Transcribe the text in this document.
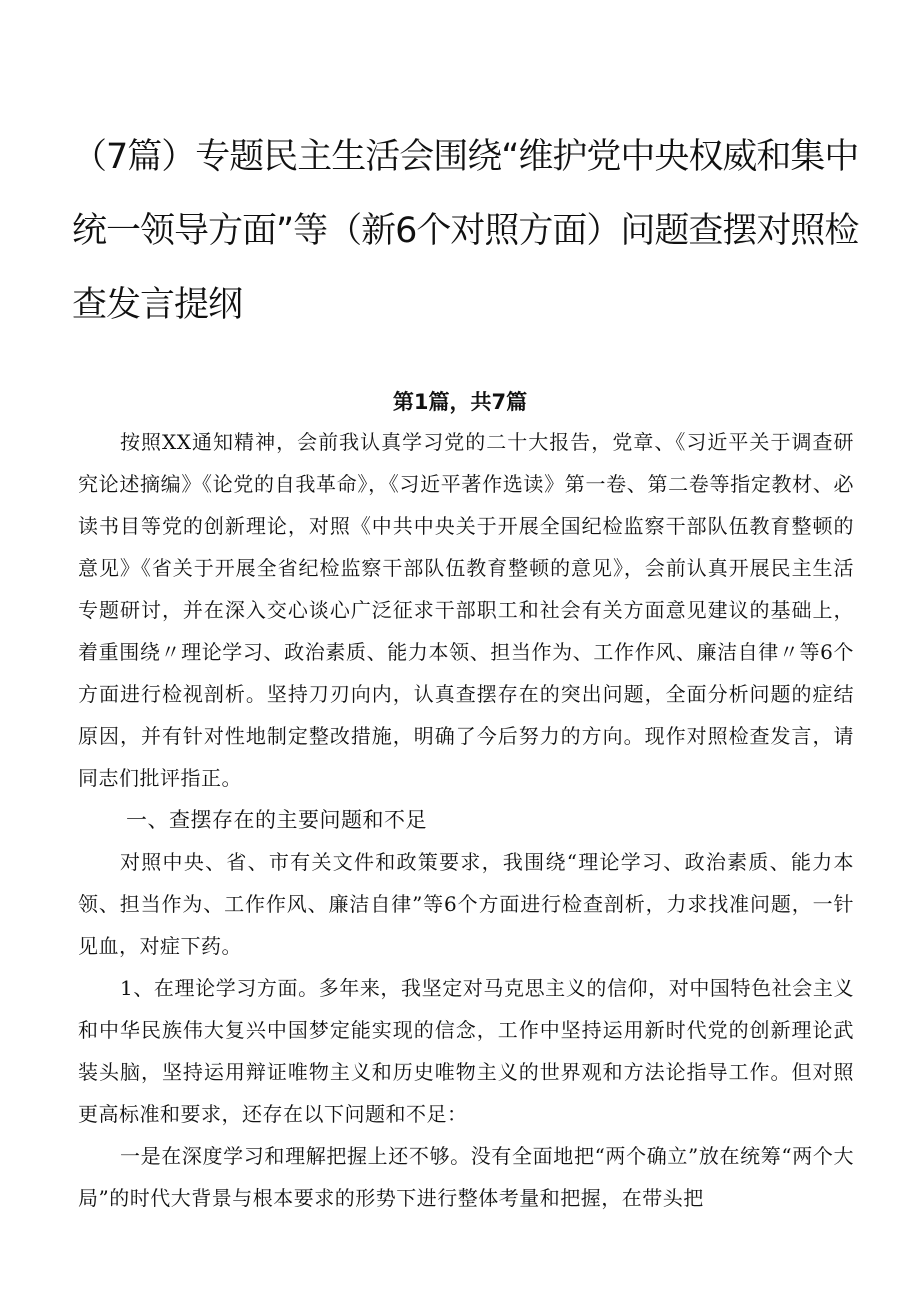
（7篇）专题民主生活会围绕“维护党中央权威和集中统一领导方面”等（新6个对照方面）问题查摆对照检查发言提纲
第1篇，共7篇

按照XX通知精神，会前我认真学习党的二十大报告，党章、《习近平关于调查研究论述摘编》《论党的自我革命》，《习近平著作选读》第一卷、第二卷等指定教材、必读书目等党的创新理论，对照《中共中央关于开展全国纪检监察干部队伍教育整顿的意见》《省关于开展全省纪检监察干部队伍教育整顿的意见》，会前认真开展民主生活专题研讨，并在深入交心谈心广泛征求干部职工和社会有关方面意见建议的基础上，着重围绕〃理论学习、政治素质、能力本领、担当作为、工作作风、廉洁自律〃等6个方面进行检视剖析。坚持刀刃向内，认真查摆存在的突出问题，全面分析问题的症结原因，并有针对性地制定整改措施，明确了今后努力的方向。现作对照检查发言，请同志们批评指正。

一、查摆存在的主要问题和不足

对照中央、省、市有关文件和政策要求，我围绕“理论学习、政治素质、能力本领、担当作为、工作作风、廉洁自律”等6个方面进行检查剖析，力求找准问题，一针见血，对症下药。

1、在理论学习方面。多年来，我坚定对马克思主义的信仰，对中国特色社会主义和中华民族伟大复兴中国梦定能实现的信念，工作中坚持运用新时代党的创新理论武装头脑，坚持运用辩证唯物主义和历史唯物主义的世界观和方法论指导工作。但对照更高标准和要求，还存在以下问题和不足：

一是在深度学习和理解把握上还不够。没有全面地把“两个确立”放在统筹“两个大局”的时代大背景与根本要求的形势下进行整体考量和把握，在带头把
